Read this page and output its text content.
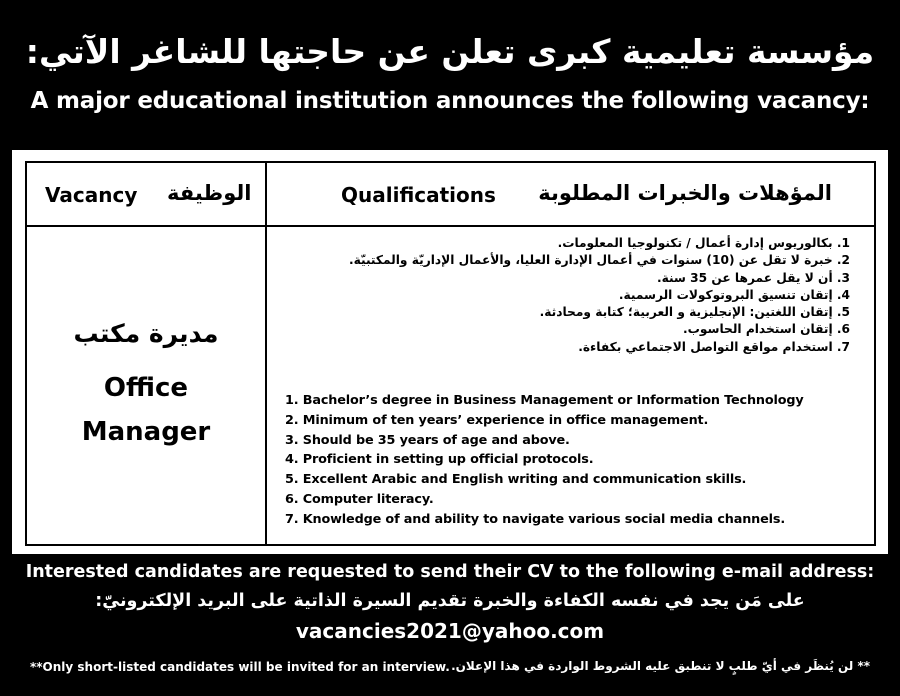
مؤسسة تعليمية كبرى تعلن عن حاجتها للشاغر الآتي:
A major educational institution announces the following vacancy:
Vacancy الوظيفة	Qualifications المؤهلات والخبرات المطلوبة
مديرة مكتب
Office
Manager
1. بكالوريوس إدارة أعمال / تكنولوجيا المعلومات.
2. خبرة لا تقل عن (10) سنوات في أعمال الإدارة العليا، والأعمال الإداريّة والمكتبيّة.
3. أن لا يقل عمرها عن 35 سنة.
4. إتقان تنسيق البروتوكولات الرسمية.
5. إتقان اللغتين: الإنجليزية و العربية؛ كتابة ومحادثة.
6. إتقان استخدام الحاسوب.
7. استخدام مواقع التواصل الاجتماعي بكفاءة.
1. Bachelor’s degree in Business Management or Information Technology
2. Minimum of ten years’ experience in office management.
3. Should be 35 years of age and above.
4. Proficient in setting up official protocols.
5. Excellent Arabic and English writing and communication skills.
6. Computer literacy.
7. Knowledge of and ability to navigate various social media channels.
Interested candidates are requested to send their CV to the following e-mail address:
على مَن يجد في نفسه الكفاءة والخبرة تقديم السيرة الذاتية على البريد الإلكترونيّ:
vacancies2021@yahoo.com
**Only short-listed candidates will be invited for an interview. ** لن يُنظَر في أيّ طلبٍ لا تنطبق عليه الشروط الواردة في هذا الإعلان.
